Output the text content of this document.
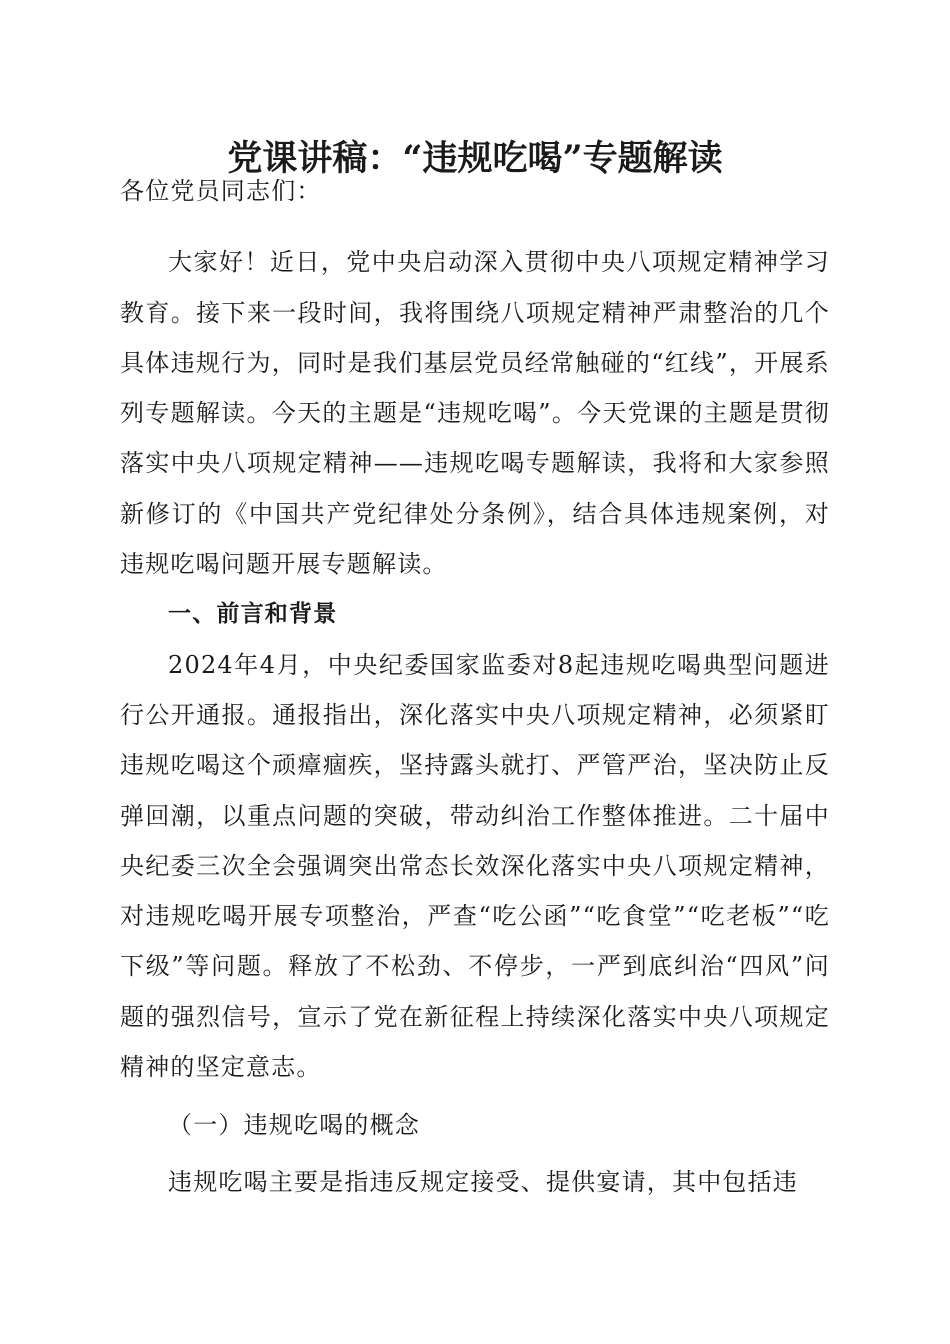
党课讲稿：“违规吃喝”专题解读

各位党员同志们：

大家好！近日，党中央启动深入贯彻中央八项规定精神学习教育。接下来一段时间，我将围绕八项规定精神严肃整治的几个具体违规行为，同时是我们基层党员经常触碰的“红线”，开展系列专题解读。今天的主题是“违规吃喝”。今天党课的主题是贯彻落实中央八项规定精神——违规吃喝专题解读，我将和大家参照新修订的《中国共产党纪律处分条例》，结合具体违规案例，对违规吃喝问题开展专题解读。

一、前言和背景

2024年4月，中央纪委国家监委对8起违规吃喝典型问题进行公开通报。通报指出，深化落实中央八项规定精神，必须紧盯违规吃喝这个顽瘴痼疾，坚持露头就打、严管严治，坚决防止反弹回潮，以重点问题的突破，带动纠治工作整体推进。二十届中央纪委三次全会强调突出常态长效深化落实中央八项规定精神，对违规吃喝开展专项整治，严查“吃公函”“吃食堂”“吃老板”“吃下级”等问题。释放了不松劲、不停步，一严到底纠治“四风”问题的强烈信号，宣示了党在新征程上持续深化落实中央八项规定精神的坚定意志。

（一）违规吃喝的概念

违规吃喝主要是指违反规定接受、提供宴请，其中包括违
